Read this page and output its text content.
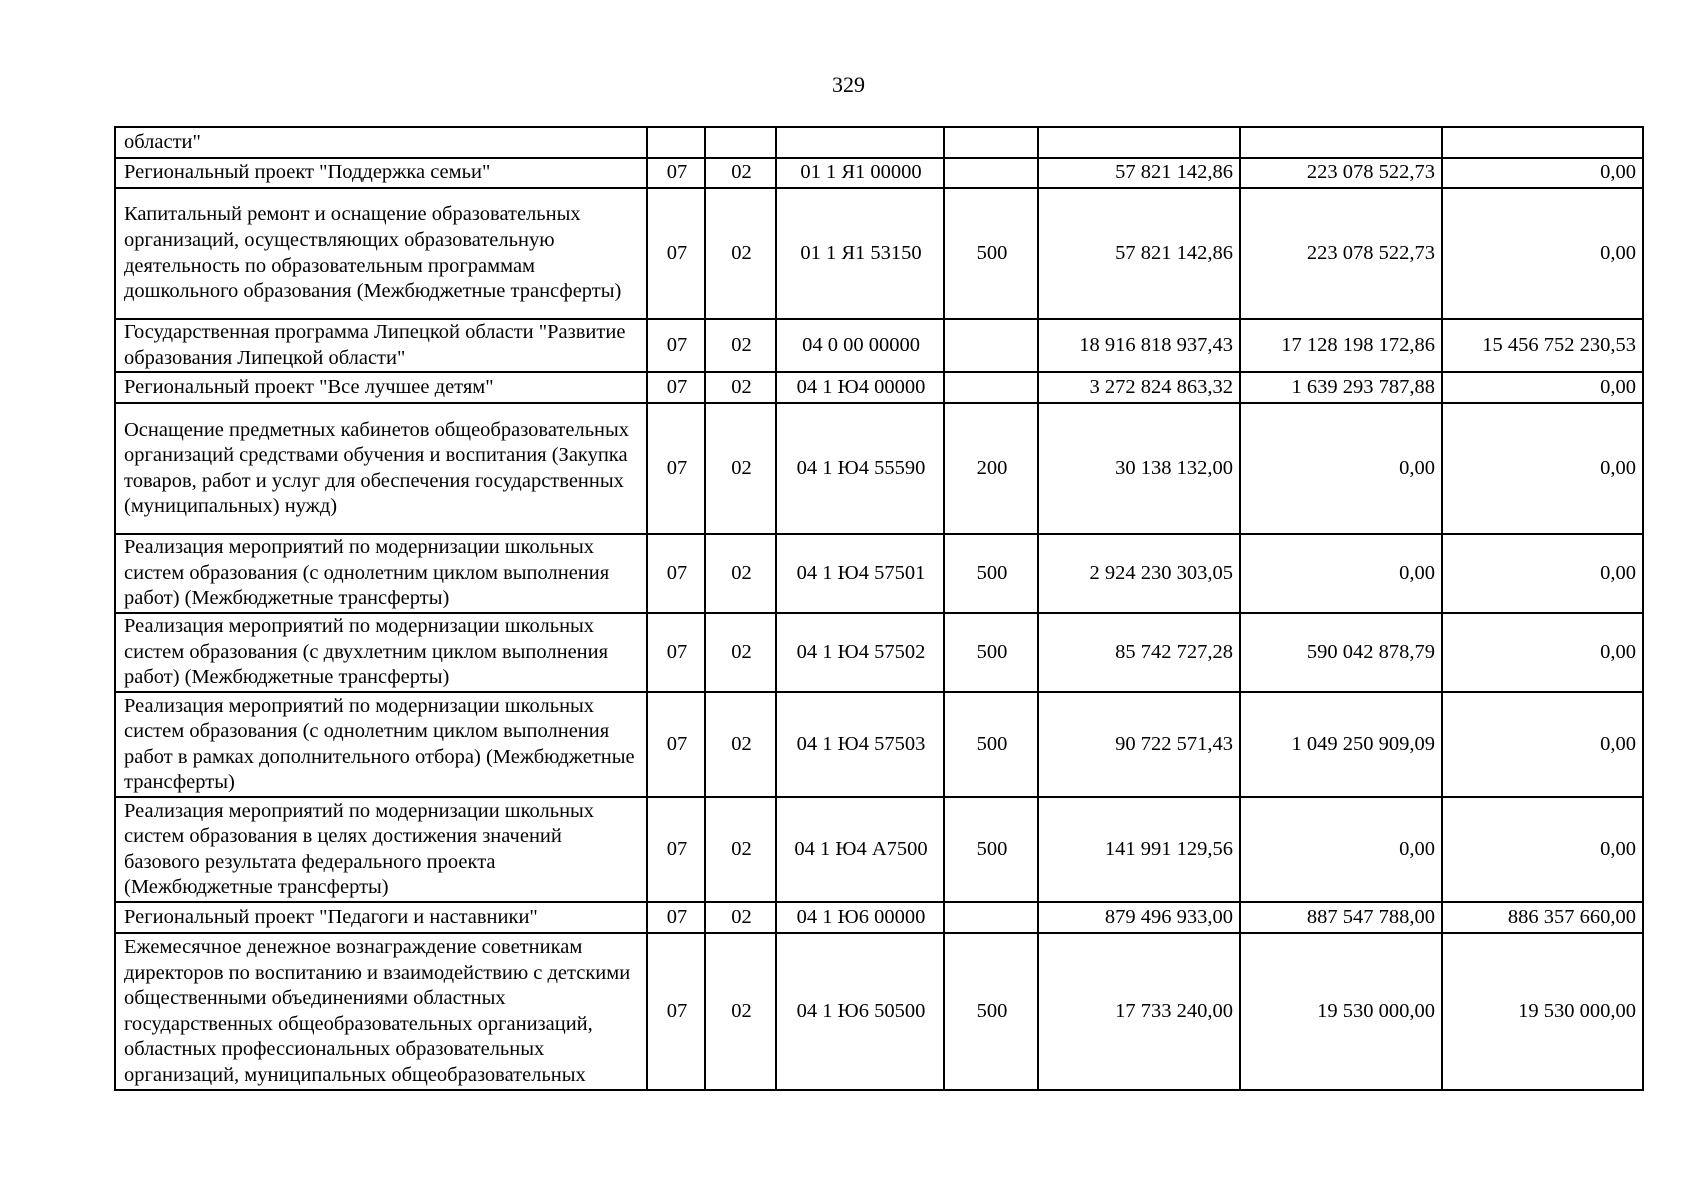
329
области"							
Региональный проект "Поддержка семьи"	07	02	01 1 Я1 00000		57 821 142,86	223 078 522,73	0,00
Капитальный ремонт и оснащение образовательных организаций, осуществляющих образовательную деятельность по образовательным программам дошкольного образования (Межбюджетные трансферты)	07	02	01 1 Я1 53150	500	57 821 142,86	223 078 522,73	0,00
Государственная программа Липецкой области "Развитие образования Липецкой области"	07	02	04 0 00 00000		18 916 818 937,43	17 128 198 172,86	15 456 752 230,53
Региональный проект "Все лучшее детям"	07	02	04 1 Ю4 00000		3 272 824 863,32	1 639 293 787,88	0,00
Оснащение предметных кабинетов общеобразовательных организаций средствами обучения и воспитания (Закупка товаров, работ и услуг для обеспечения государственных (муниципальных) нужд)	07	02	04 1 Ю4 55590	200	30 138 132,00	0,00	0,00
Реализация мероприятий по модернизации школьных систем образования (с однолетним циклом выполнения работ) (Межбюджетные трансферты)	07	02	04 1 Ю4 57501	500	2 924 230 303,05	0,00	0,00
Реализация мероприятий по модернизации школьных систем образования (с двухлетним циклом выполнения работ) (Межбюджетные трансферты)	07	02	04 1 Ю4 57502	500	85 742 727,28	590 042 878,79	0,00
Реализация мероприятий по модернизации школьных систем образования (с однолетним циклом выполнения работ в рамках дополнительного отбора) (Межбюджетные трансферты)	07	02	04 1 Ю4 57503	500	90 722 571,43	1 049 250 909,09	0,00
Реализация мероприятий по модернизации школьных систем образования в целях достижения значений базового результата федерального проекта (Межбюджетные трансферты)	07	02	04 1 Ю4 А7500	500	141 991 129,56	0,00	0,00
Региональный проект "Педагоги и наставники"	07	02	04 1 Ю6 00000		879 496 933,00	887 547 788,00	886 357 660,00
Ежемесячное денежное вознаграждение советникам директоров по воспитанию и взаимодействию с детскими общественными объединениями областных государственных общеобразовательных организаций, областных профессиональных образовательных организаций, муниципальных общеобразовательных	07	02	04 1 Ю6 50500	500	17 733 240,00	19 530 000,00	19 530 000,00
